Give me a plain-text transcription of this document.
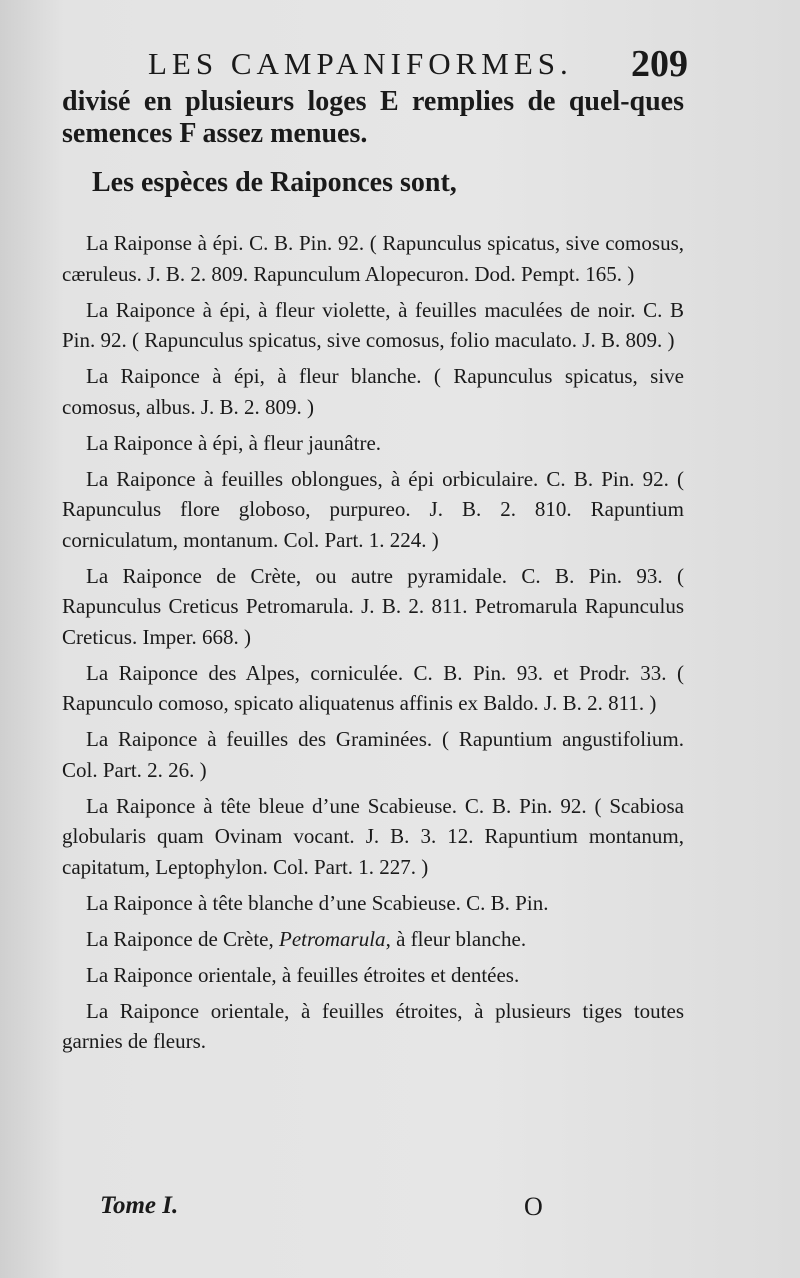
LES CAMPANIFORMES. 209

divisé en plusieurs loges E remplies de quel-ques semences F assez menues.

Les espèces de Raiponces sont,

La Raiponse à épi. C. B. Pin. 92. ( Rapunculus spicatus, sive comosus, cæruleus. J. B. 2. 809. Rapunculum Alopecuron. Dod. Pempt. 165. )

La Raiponce à épi, à fleur violette, à feuilles maculées de noir. C. B Pin. 92. ( Rapunculus spicatus, sive comosus, folio maculato. J. B. 809. )

La Raiponce à épi, à fleur blanche. ( Rapunculus spicatus, sive comosus, albus. J. B. 2. 809. )

La Raiponce à épi, à fleur jaunâtre.

La Raiponce à feuilles oblongues, à épi orbiculaire. C. B. Pin. 92. ( Rapunculus flore globoso, purpureo. J. B. 2. 810. Rapuntium corniculatum, montanum. Col. Part. 1. 224. )

La Raiponce de Crète, ou autre pyramidale. C. B. Pin. 93. ( Rapunculus Creticus Petromarula. J. B. 2. 811. Petromarula Rapunculus Creticus. Imper. 668. )

La Raiponce des Alpes, corniculée. C. B. Pin. 93. et Prodr. 33. ( Rapunculo comoso, spicato aliquatenus affinis ex Baldo. J. B. 2. 811. )

La Raiponce à feuilles des Graminées. ( Rapuntium angustifolium. Col. Part. 2. 26. )

La Raiponce à tête bleue d’une Scabieuse. C. B. Pin. 92. ( Scabiosa globularis quam Ovinam vocant. J. B. 3. 12. Rapuntium montanum, capitatum, Leptophylon. Col. Part. 1. 227. )

La Raiponce à tête blanche d’une Scabieuse. C. B. Pin.

La Raiponce de Crète, Petromarula, à fleur blanche.

La Raiponce orientale, à feuilles étroites et dentées.

La Raiponce orientale, à feuilles étroites, à plusieurs tiges toutes garnies de fleurs.

Tome I.	O
